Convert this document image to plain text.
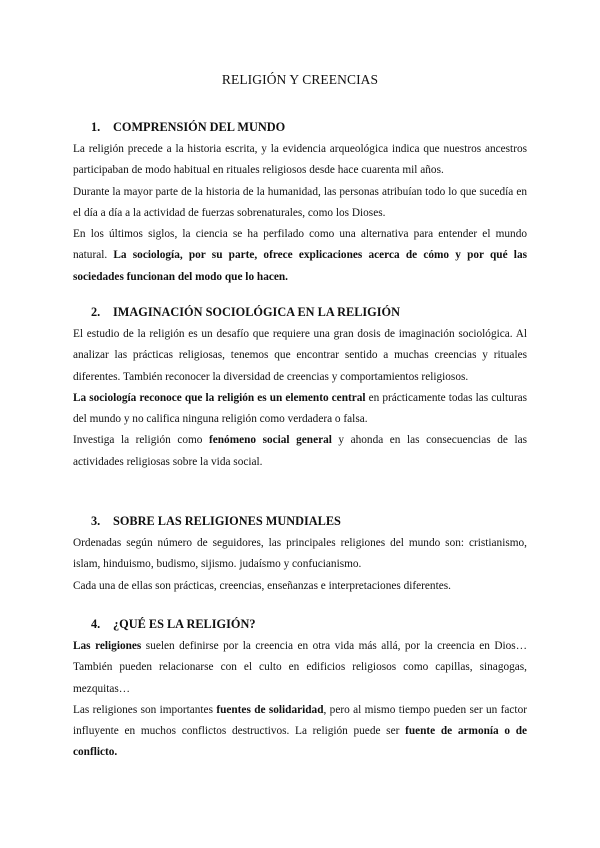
RELIGIÓN Y CREENCIAS
1. COMPRENSIÓN DEL MUNDO

La religión precede a la historia escrita, y la evidencia arqueológica indica que nuestros ancestros participaban de modo habitual en rituales religiosos desde hace cuarenta mil años.

Durante la mayor parte de la historia de la humanidad, las personas atribuían todo lo que sucedía en el día a día a la actividad de fuerzas sobrenaturales, como los Dioses.

En los últimos siglos, la ciencia se ha perfilado como una alternativa para entender el mundo natural. La sociología, por su parte, ofrece explicaciones acerca de cómo y por qué las sociedades funcionan del modo que lo hacen.

2. IMAGINACIÓN SOCIOLÓGICA EN LA RELIGIÓN

El estudio de la religión es un desafío que requiere una gran dosis de imaginación sociológica. Al analizar las prácticas religiosas, tenemos que encontrar sentido a muchas creencias y rituales diferentes. También reconocer la diversidad de creencias y comportamientos religiosos.

La sociología reconoce que la religión es un elemento central en prácticamente todas las culturas del mundo y no califica ninguna religión como verdadera o falsa.

Investiga la religión como fenómeno social general y ahonda en las consecuencias de las actividades religiosas sobre la vida social.

3. SOBRE LAS RELIGIONES MUNDIALES

Ordenadas según número de seguidores, las principales religiones del mundo son: cristianismo, islam, hinduismo, budismo, sijismo. judaísmo y confucianismo.

Cada una de ellas son prácticas, creencias, enseñanzas e interpretaciones diferentes.

4. ¿QUÉ ES LA RELIGIÓN?

Las religiones suelen definirse por la creencia en otra vida más allá, por la creencia en Dios… También pueden relacionarse con el culto en edificios religiosos como capillas, sinagogas, mezquitas…

Las religiones son importantes fuentes de solidaridad, pero al mismo tiempo pueden ser un factor influyente en muchos conflictos destructivos. La religión puede ser fuente de armonía o de conflicto.
